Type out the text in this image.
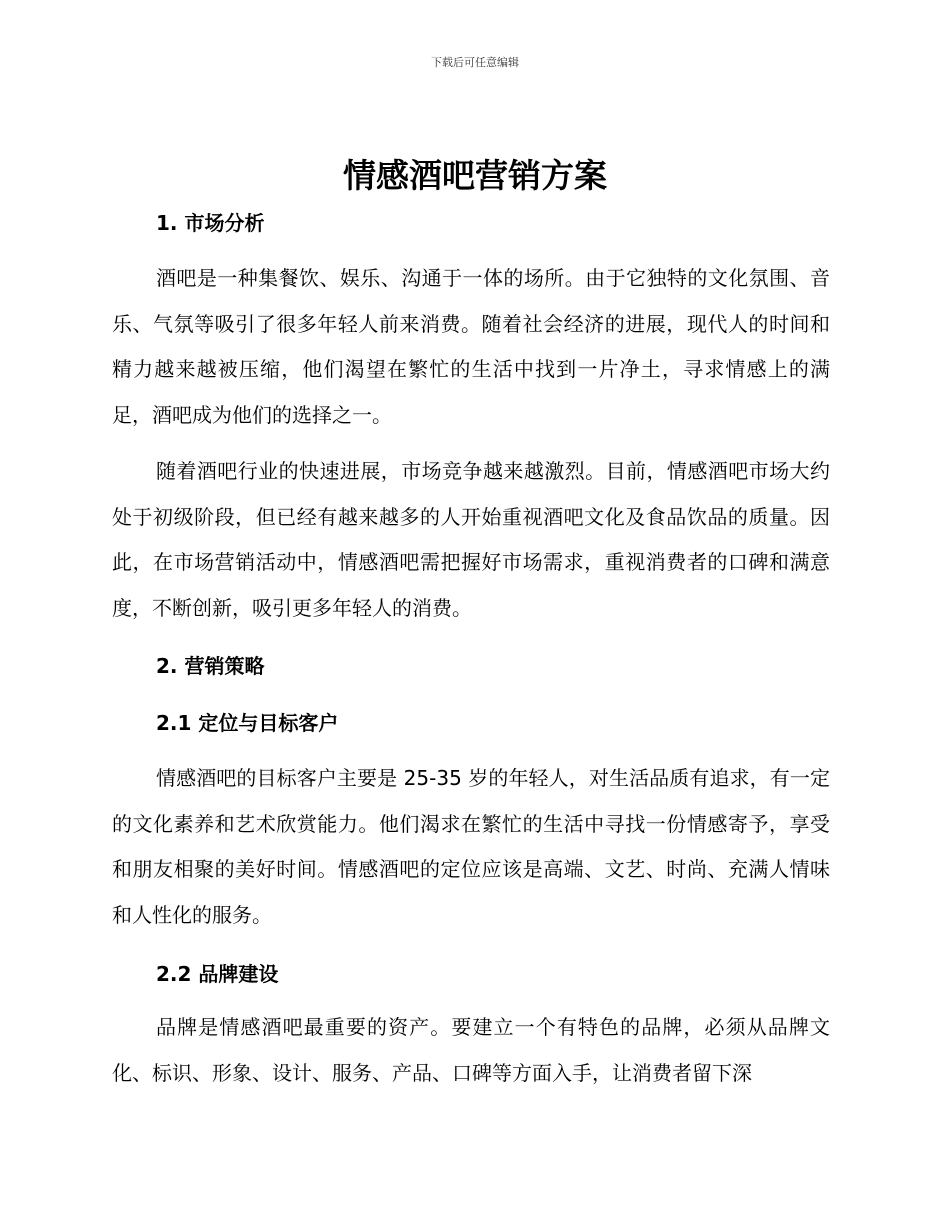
下载后可任意编辑
情感酒吧营销方案
1. 市场分析

酒吧是一种集餐饮、娱乐、沟通于一体的场所。由于它独特的文化氛围、音乐、气氛等吸引了很多年轻人前来消费。随着社会经济的进展，现代人的时间和精力越来越被压缩，他们渴望在繁忙的生活中找到一片净土，寻求情感上的满足，酒吧成为他们的选择之一。

随着酒吧行业的快速进展，市场竞争越来越激烈。目前，情感酒吧市场大约处于初级阶段，但已经有越来越多的人开始重视酒吧文化及食品饮品的质量。因此，在市场营销活动中，情感酒吧需把握好市场需求，重视消费者的口碑和满意度，不断创新，吸引更多年轻人的消费。

2. 营销策略
2.1 定位与目标客户

情感酒吧的目标客户主要是 25-35 岁的年轻人，对生活品质有追求，有一定的文化素养和艺术欣赏能力。他们渴求在繁忙的生活中寻找一份情感寄予，享受和朋友相聚的美好时间。情感酒吧的定位应该是高端、文艺、时尚、充满人情味和人性化的服务。

2.2 品牌建设

品牌是情感酒吧最重要的资产。要建立一个有特色的品牌，必须从品牌文化、标识、形象、设计、服务、产品、口碑等方面入手，让消费者留下深
